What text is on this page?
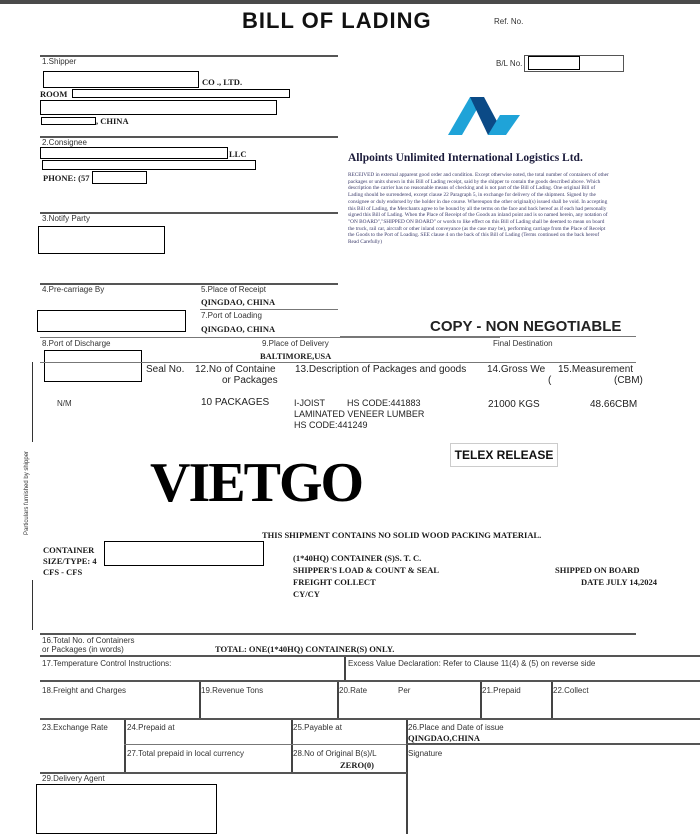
BILL OF LADING	Ref. No.
1.Shipper
CO ., LTD.
ROOM
, CHINA
2.Consignee
LLC
PHONE: (57
3.Notify Party
B/L No.
Allpoints Unlimited International Logistics Ltd.
RECEIVED in external apparent good order and condition. Except otherwise noted, the total number of containers of other packages or units shown in this Bill of Lading receipt, said by the shipper to contain the goods described above. Which description the carrier has no reasonable means of checking and is not part of the Bill of Lading. One original Bill of Lading should be surrendered, except clause 22 Paragraph 5, in exchange for delivery of the shipment. Signed by the consignee or duly endorsed by the holder in due course. Whereupon the other original(s) issued shall be void. In accepting this Bill of Lading, the Merchants agree to be bound by all the terms on the face and back hereof as if each had personally signed this Bill of Lading. When the Place of Receipt of the Goods an inland point and is so named herein, any notation of "ON BOARD","SHIPPED ON BOARD" or words to like effect on this Bill of Lading shall be deemed to mean on board the truck, rail car, aircraft or other inland conveyance (as the case may be), performing carriage from the Place of Receipt the Goods to the Port of Loading. SEE clause 4 on the back of this Bill of Lading (Terms continued on the back hereof Read Carefully)
4.Pre-carriage By	5.Place of Receipt
QINGDAO, CHINA
7.Port of Loading
QINGDAO, CHINA
8.Port of Discharge	9.Place of Delivery
BALTIMORE,USA
Final Destination
Seal No. 12.No of Containe
or Packages
13.Description of Packages and goods 14.Gross We
(
15.Measurement
(CBM)
N/M	10 PACKAGES	I-JOIST HS CODE:441883
LAMINATED VENEER LUMBER
HS CODE:441249
21000 KGS	48.66CBM
TELEX RELEASE
Particulars furnished by shipper	THIS SHIPMENT CONTAINS NO SOLID WOOD PACKING MATERIAL.
CONTAINER
SIZE/TYPE: 4
CFS - CFS
(1*40HQ) CONTAINER (S)S. T. C.
SHIPPER'S LOAD & COUNT & SEAL
FREIGHT COLLECT
CY/CY
SHIPPED ON BOARD
DATE JULY 14,2024
16.Total No. of Containers
or Packages (in words)	TOTAL: ONE(1*40HQ) CONTAINER(S) ONLY.
17.Temperature Control Instructions:	Excess Value Declaration: Refer to Clause 11(4) & (5) on reverse side
18.Freight and Charges	19.Revenue Tons	20.Rate	Per	21.Prepaid	22.Collect
23.Exchange Rate 24.Prepaid at	25.Payable at	26.Place and Date of issue
QINGDAO,CHINA
27.Total prepaid in local currency	28.No of Original B(s)/L
ZERO(0)
Signature
29.Delivery Agent
VIETGO
COPY - NON NEGOTIABLE
